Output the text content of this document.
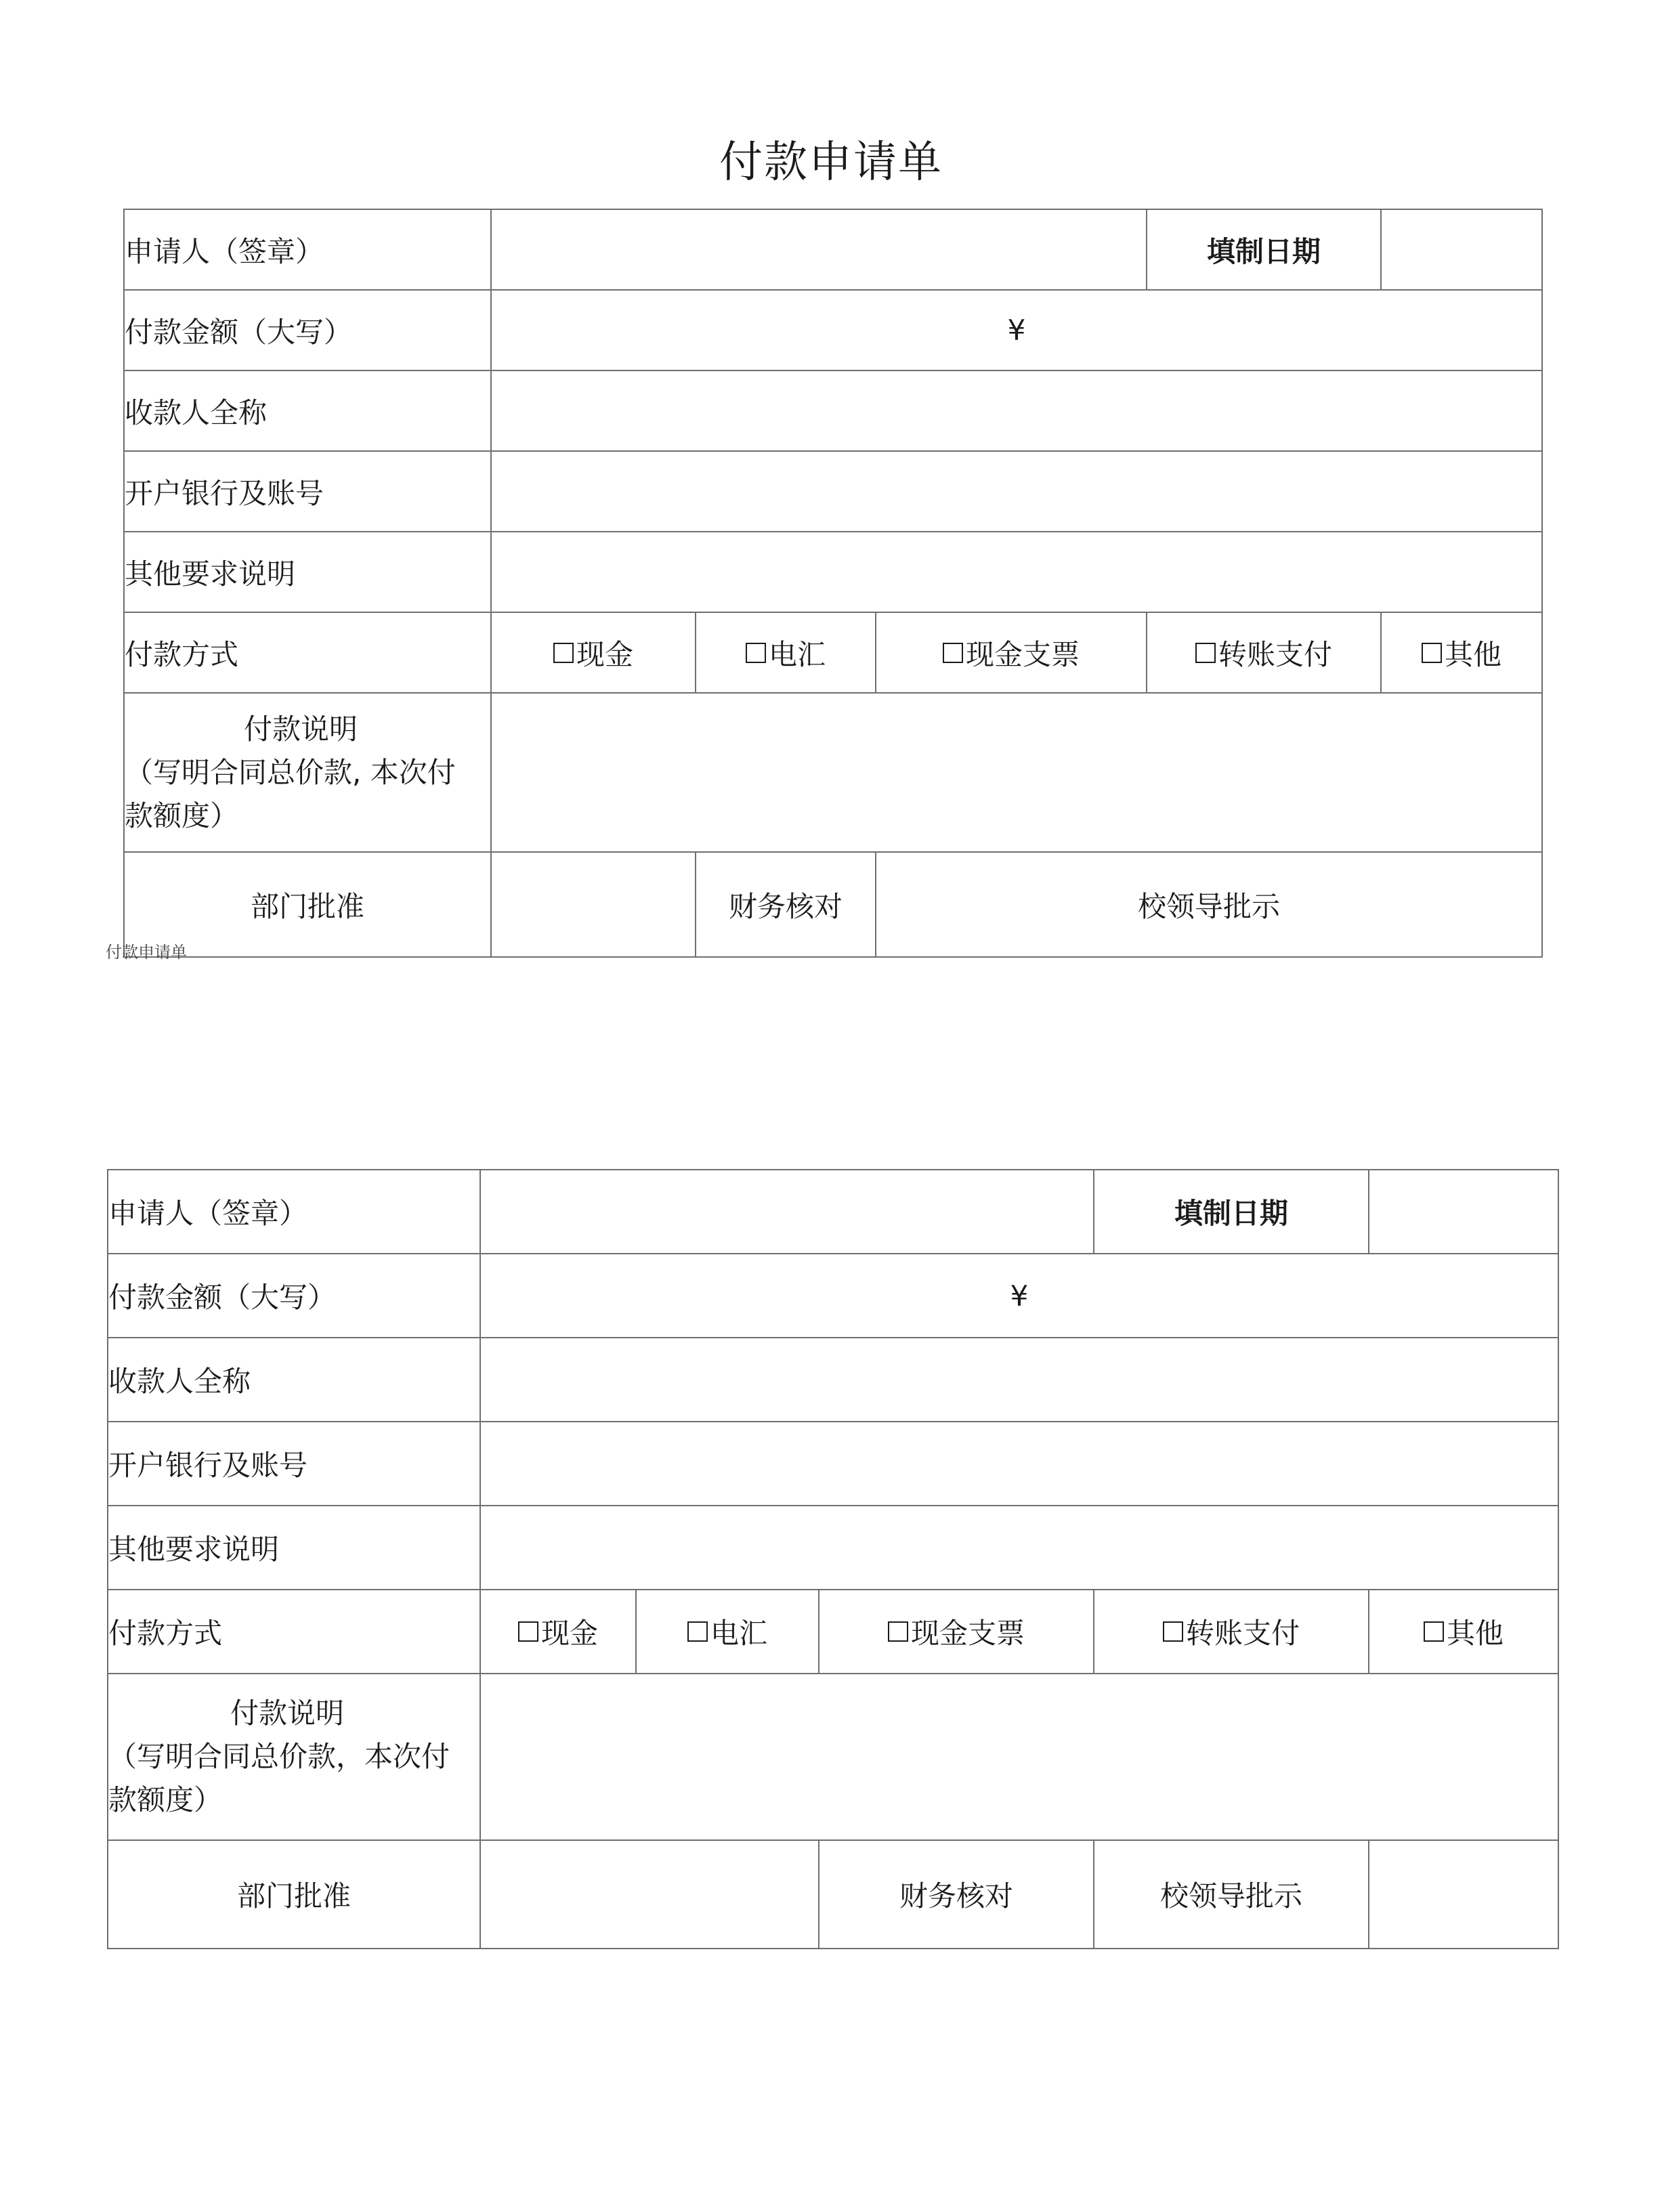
付款申请单
申请人（签章）				填制日期	
付款金额（大写）	¥				
收款人全称					
开户银行及账号					
其他要求说明					
付款方式	现金	电汇	现金支票	转账支付	其他

付款说明
（写明合同总价款, 本次付
款额度）					

部门批准		财务核对	校领导批示		
付款申请单
申请人（签章）				填制日期	
付款金额（大写）	¥				
收款人全称					
开户银行及账号					
其他要求说明					
付款方式	现金	电汇	现金支票	转账支付	其他

付款说明
（写明合同总价款，本次付
款额度）					

部门批准			财务核对	校领导批示	
